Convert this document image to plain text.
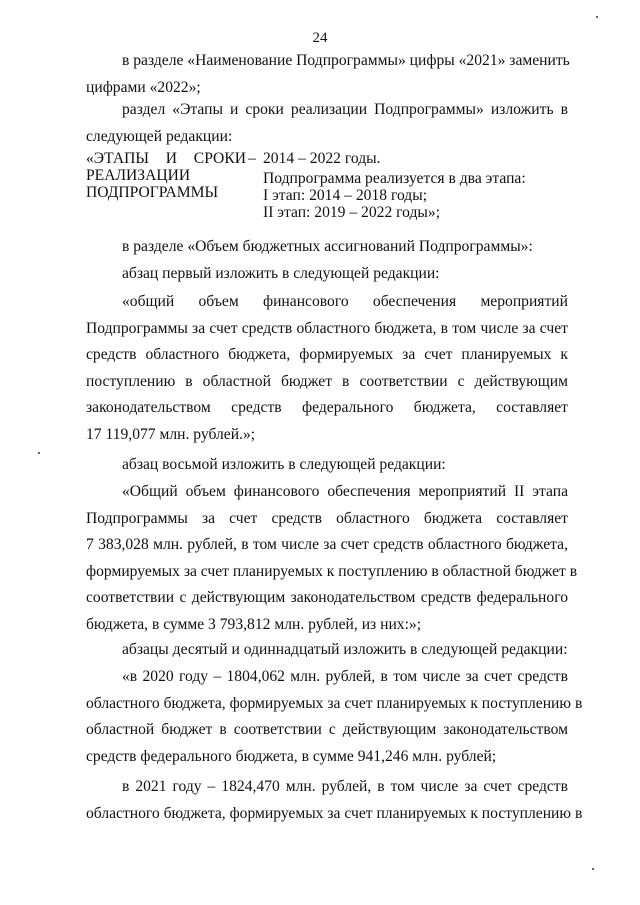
24
в разделе «Наименование Подпрограммы» цифры «2021» заменить
цифрами «2022»;
раздел «Этапы и сроки реализации Подпрограммы» изложить в
следующей редакции:
«ЭТАПЫ И СРОКИ
РЕАЛИЗАЦИИ
ПОДПРОГРАММЫ
– 2014 – 2022 годы.
Подпрограмма реализуется в два этапа:
I этап: 2014 – 2018 годы;
II этап: 2019 – 2022 годы»;
в разделе «Объем бюджетных ассигнований Подпрограммы»:
абзац первый изложить в следующей редакции:
«общий объем финансового обеспечения мероприятий
Подпрограммы за счет средств областного бюджета, в том числе за счет
средств областного бюджета, формируемых за счет планируемых к
поступлению в областной бюджет в соответствии с действующим
законодательством средств федерального бюджета, составляет
17 119,077 млн. рублей.»;
абзац восьмой изложить в следующей редакции:
«Общий объем финансового обеспечения мероприятий II этапа
Подпрограммы за счет средств областного бюджета составляет
7 383,028 млн. рублей, в том числе за счет средств областного бюджета,
формируемых за счет планируемых к поступлению в областной бюджет в
соответствии с действующим законодательством средств федерального
бюджета, в сумме 3 793,812 млн. рублей, из них:»;
абзацы десятый и одиннадцатый изложить в следующей редакции:
«в 2020 году – 1804,062 млн. рублей, в том числе за счет средств
областного бюджета, формируемых за счет планируемых к поступлению в
областной бюджет в соответствии с действующим законодательством
средств федерального бюджета, в сумме 941,246 млн. рублей;
в 2021 году – 1824,470 млн. рублей, в том числе за счет средств
областного бюджета, формируемых за счет планируемых к поступлению в
